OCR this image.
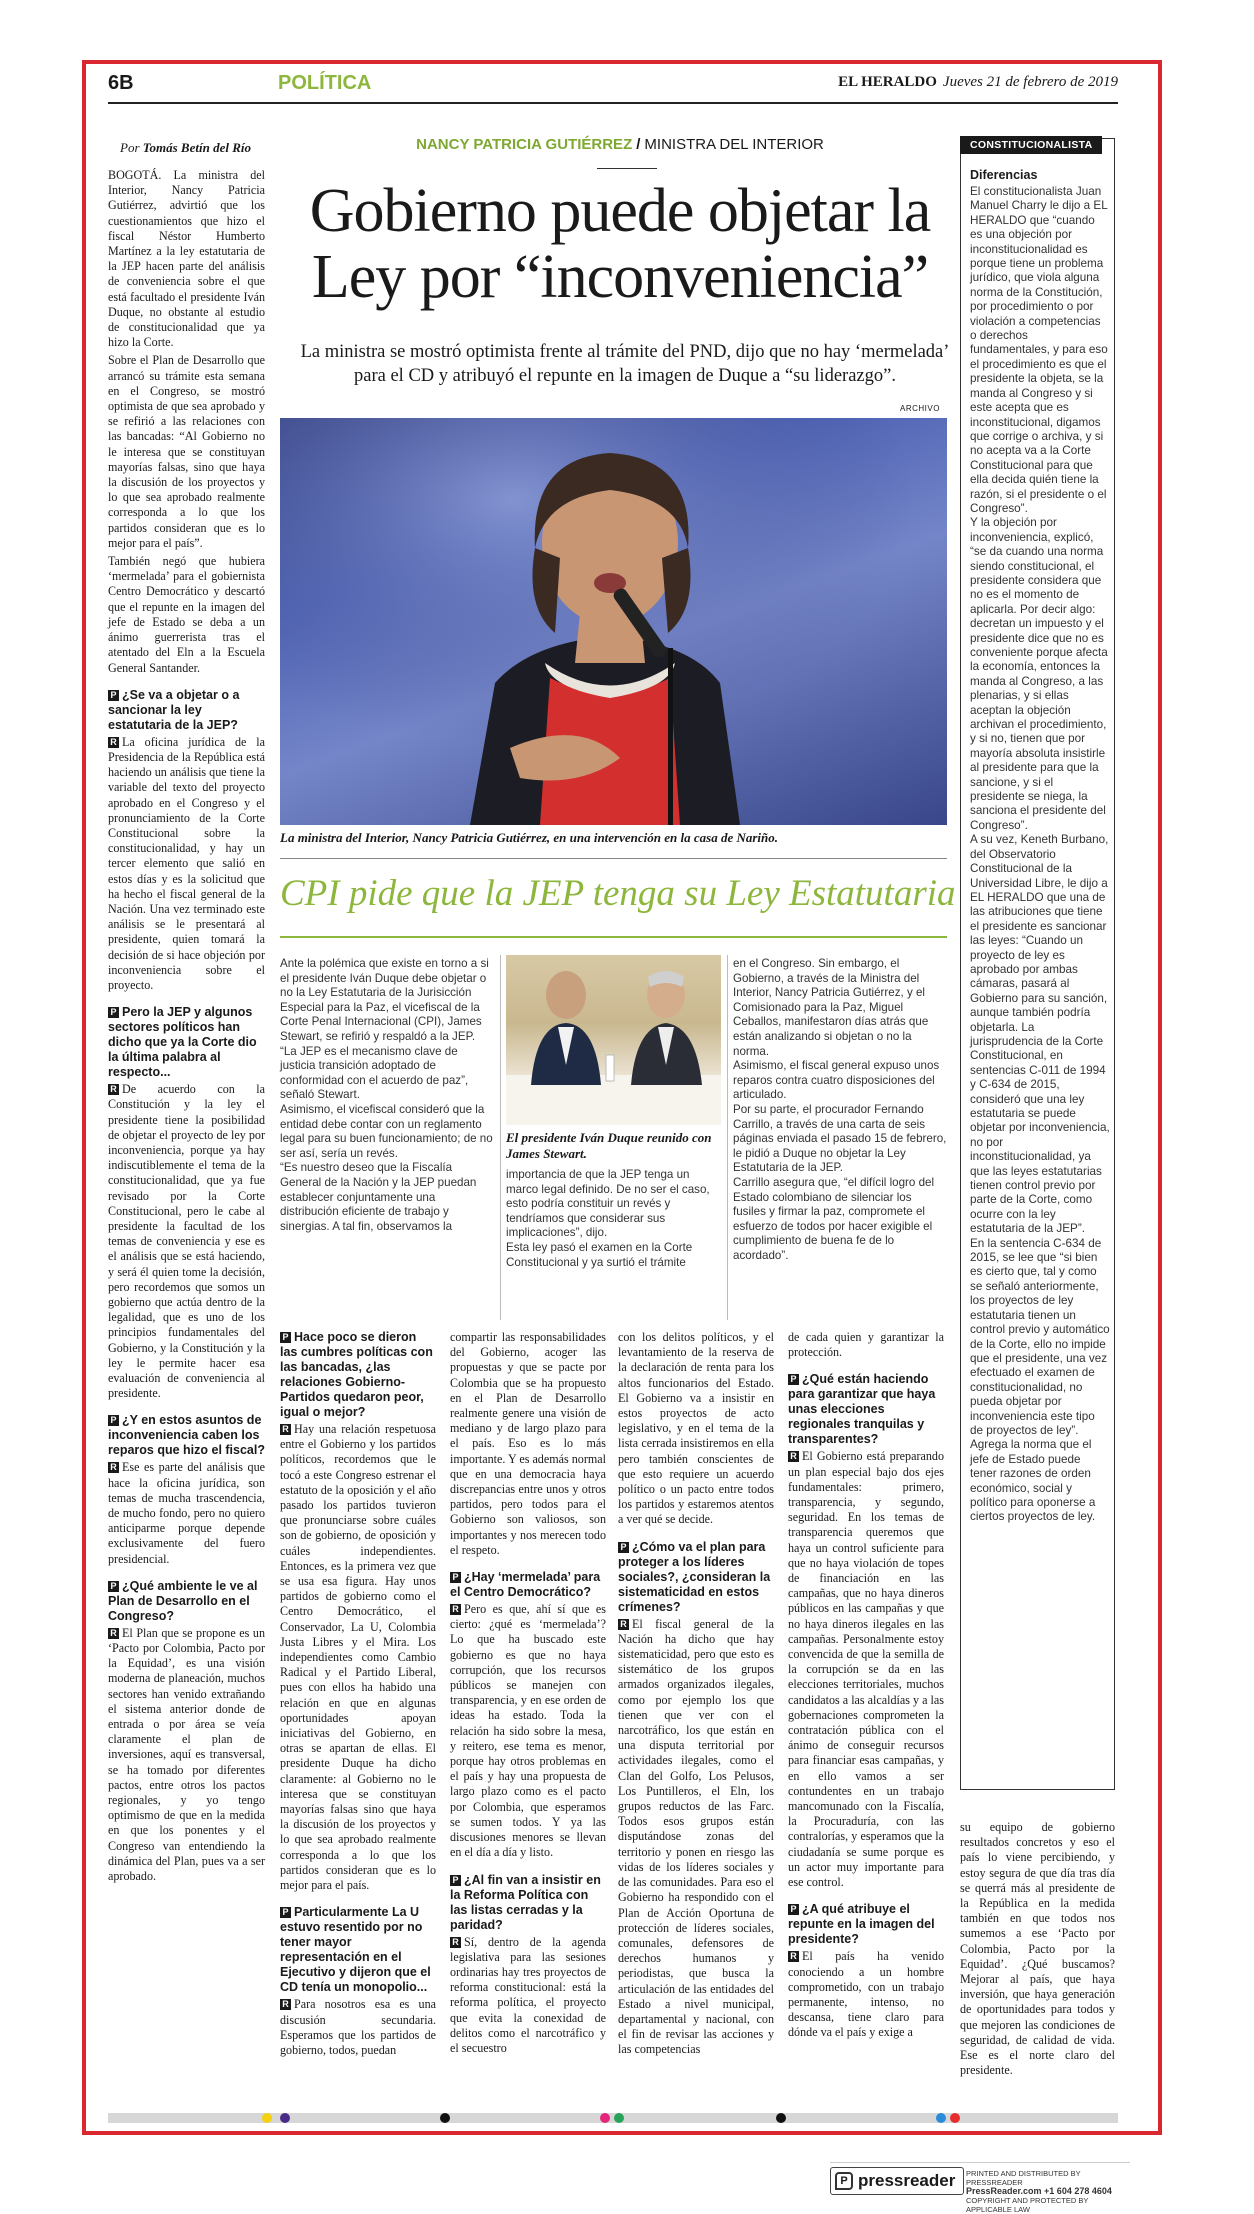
6B	POLÍTICA	EL HERALDO Jueves 21 de febrero de 2019
Por Tomás Betín del Río	NANCY PATRICIA GUTIÉRREZ / MINISTRA DEL INTERIOR
Gobierno puede objetar la Ley por “inconveniencia”
La ministra se mostró optimista frente al trámite del PND, dijo que no hay ‘mermelada’ para el CD y atribuyó el repunte en la imagen de Duque a “su liderazgo”.
ARCHIVO
La ministra del Interior, Nancy Patricia Gutiérrez, en una intervención en la casa de Nariño.
CPI pide que la JEP tenga su Ley Estatutaria
Ante la polémica que existe en torno a si el presidente Iván Duque debe objetar o no la Ley Estatutaria de la Jurisicción Especial para la Paz, el vicefiscal de la Corte Penal Internacional (CPI), James Stewart, se refirió y respaldó a la JEP.
“La JEP es el mecanismo clave de justicia transición adoptado de conformidad con el acuerdo de paz”, señaló Stewart.
Asimismo, el vicefiscal consideró que la entidad debe contar con un reglamento legal para su buen funcionamiento; de no ser así, sería un revés.
“Es nuestro deseo que la Fiscalía General de la Nación y la JEP puedan establecer conjuntamente una distribución eficiente de trabajo y sinergias. A tal fin, observamos la
El presidente Iván Duque reunido con James Stewart.
importancia de que la JEP tenga un marco legal definido. De no ser el caso, esto podría constituir un revés y tendríamos que considerar sus implicaciones”, dijo.
Esta ley pasó el examen en la Corte Constitucional y ya surtió el trámite
en el Congreso. Sin embargo, el Gobierno, a través de la Ministra del Interior, Nancy Patricia Gutiérrez, y el Comisionado para la Paz, Miguel Ceballos, manifestaron días atrás que están analizando si objetan o no la norma.
Asimismo, el fiscal general expuso unos reparos contra cuatro disposiciones del articulado.
Por su parte, el procurador Fernando Carrillo, a través de una carta de seis páginas enviada el pasado 15 de febrero, le pidió a Duque no objetar la Ley Estatutaria de la JEP.
Carrillo asegura que, “el difícil logro del Estado colombiano de silenciar los fusiles y firmar la paz, compromete el esfuerzo de todos por hacer exigible el cumplimiento de buena fe de lo acordado”.

BOGOTÁ. La ministra del Interior, Nancy Patricia Gutiérrez, advirtió que los cuestionamientos que hizo el fiscal Néstor Humberto Martínez a la ley estatutaria de la JEP hacen parte del análisis de conveniencia sobre el que está facultado el presidente Iván Duque, no obstante al estudio de constitucionalidad que ya hizo la Corte.

Sobre el Plan de Desarrollo que arrancó su trámite esta semana en el Congreso, se mostró optimista de que sea aprobado y se refirió a las relaciones con las bancadas: “Al Gobierno no le interesa que se constituyan mayorías falsas, sino que haya la discusión de los proyectos y lo que sea aprobado realmente corresponda a lo que los partidos consideran que es lo mejor para el país”.

También negó que hubiera ‘mermelada’ para el gobiernista Centro Democrático y descartó que el repunte en la imagen del jefe de Estado se deba a un ánimo guerrerista tras el atentado del Eln a la Escuela General Santander.

P ¿Se va a objetar o a sancionar la ley estatutaria de la JEP?

R La oficina jurídica de la Presidencia de la República está haciendo un análisis que tiene la variable del texto del proyecto aprobado en el Congreso y el pronunciamiento de la Corte Constitucional sobre la constitucionalidad, y hay un tercer elemento que salió en estos días y es la solicitud que ha hecho el fiscal general de la Nación. Una vez terminado este análisis se le presentará al presidente, quien tomará la decisión de si hace objeción por inconveniencia sobre el proyecto.

P Pero la JEP y algunos sectores políticos han dicho que ya la Corte dio la última palabra al respecto...

R De acuerdo con la Constitución y la ley el presidente tiene la posibilidad de objetar el proyecto de ley por inconveniencia, porque ya hay indiscutiblemente el tema de la constitucionalidad, que ya fue revisado por la Corte Constitucional, pero le cabe al presidente la facultad de los temas de conveniencia y ese es el análisis que se está haciendo, y será él quien tome la decisión, pero recordemos que somos un gobierno que actúa dentro de la legalidad, que es uno de los principios fundamentales del Gobierno, y la Constitución y la ley le permite hacer esa evaluación de conveniencia al presidente.

P ¿Y en estos asuntos de inconveniencia caben los reparos que hizo el fiscal?

R Ese es parte del análisis que hace la oficina jurídica, son temas de mucha trascendencia, de mucho fondo, pero no quiero anticiparme porque depende exclusivamente del fuero presidencial.

P ¿Qué ambiente le ve al Plan de Desarrollo en el Congreso?

R El Plan que se propone es un ‘Pacto por Colombia, Pacto por la Equidad’, es una visión moderna de planeación, muchos sectores han venido extrañando el sistema anterior donde de entrada o por área se veía claramente el plan de inversiones, aquí es transversal, se ha tomado por diferentes pactos, entre otros los pactos regionales, y yo tengo optimismo de que en la medida en que los ponentes y el Congreso van entendiendo la dinámica del Plan, pues va a ser aprobado.

P Hace poco se dieron las cumbres políticas con las bancadas, ¿las relaciones Gobierno-Partidos quedaron peor, igual o mejor?

R Hay una relación respetuosa entre el Gobierno y los partidos políticos, recordemos que le tocó a este Congreso estrenar el estatuto de la oposición y el año pasado los partidos tuvieron que pronunciarse sobre cuáles son de gobierno, de oposición y cuáles independientes. Entonces, es la primera vez que se usa esa figura. Hay unos partidos de gobierno como el Centro Democrático, el Conservador, La U, Colombia Justa Libres y el Mira. Los independientes como Cambio Radical y el Partido Liberal, pues con ellos ha habido una relación en que en algunas oportunidades apoyan iniciativas del Gobierno, en otras se apartan de ellas. El presidente Duque ha dicho claramente: al Gobierno no le interesa que se constituyan mayorías falsas sino que haya la discusión de los proyectos y lo que sea aprobado realmente corresponda a lo que los partidos consideran que es lo mejor para el país.

P Particularmente La U estuvo resentido por no tener mayor representación en el Ejecutivo y dijeron que el CD tenía un monopolio...

R Para nosotros esa es una discusión secundaria. Esperamos que los partidos de gobierno, todos, puedan

compartir las responsabilidades del Gobierno, acoger las propuestas y que se pacte por Colombia que se ha propuesto en el Plan de Desarrollo realmente genere una visión de mediano y de largo plazo para el país. Eso es lo más importante. Y es además normal que en una democracia haya discrepancias entre unos y otros partidos, pero todos para el Gobierno son valiosos, son importantes y nos merecen todo el respeto.

P ¿Hay ‘mermelada’ para el Centro Democrático?

R Pero es que, ahí sí que es cierto: ¿qué es ‘mermelada’? Lo que ha buscado este gobierno es que no haya corrupción, que los recursos públicos se manejen con transparencia, y en ese orden de ideas ha estado. Toda la relación ha sido sobre la mesa, y reitero, ese tema es menor, porque hay otros problemas en el país y hay una propuesta de largo plazo como es el pacto por Colombia, que esperamos se sumen todos. Y ya las discusiones menores se llevan en el día a día y listo.

P ¿Al fin van a insistir en la Reforma Política con las listas cerradas y la paridad?

R Sí, dentro de la agenda legislativa para las sesiones ordinarias hay tres proyectos de reforma constitucional: está la reforma política, el proyecto que evita la conexidad de delitos como el narcotráfico y el secuestro

con los delitos políticos, y el levantamiento de la reserva de la declaración de renta para los altos funcionarios del Estado. El Gobierno va a insistir en estos proyectos de acto legislativo, y en el tema de la lista cerrada insistiremos en ella pero también conscientes de que esto requiere un acuerdo político o un pacto entre todos los partidos y estaremos atentos a ver qué se decide.

P ¿Cómo va el plan para proteger a los líderes sociales?, ¿consideran la sistematicidad en estos crímenes?

R El fiscal general de la Nación ha dicho que hay sistematicidad, pero que esto es sistemático de los grupos armados organizados ilegales, como por ejemplo los que tienen que ver con el narcotráfico, los que están en una disputa territorial por actividades ilegales, como el Clan del Golfo, Los Pelusos, Los Puntilleros, el Eln, los grupos reductos de las Farc. Todos esos grupos están disputándose zonas del territorio y ponen en riesgo las vidas de los líderes sociales y de las comunidades. Para eso el Gobierno ha respondido con el Plan de Acción Oportuna de protección de líderes sociales, comunales, defensores de derechos humanos y periodistas, que busca la articulación de las entidades del Estado a nivel municipal, departamental y nacional, con el fin de revisar las acciones y las competencias

de cada quien y garantizar la protección.

P ¿Qué están haciendo para garantizar que haya unas elecciones regionales tranquilas y transparentes?

R El Gobierno está preparando un plan especial bajo dos ejes fundamentales: primero, transparencia, y segundo, seguridad. En los temas de transparencia queremos que haya un control suficiente para que no haya violación de topes de financiación en las campañas, que no haya dineros públicos en las campañas y que no haya dineros ilegales en las campañas. Personalmente estoy convencida de que la semilla de la corrupción se da en las elecciones territoriales, muchos candidatos a las alcaldías y a las gobernaciones comprometen la contratación pública con el ánimo de conseguir recursos para financiar esas campañas, y en ello vamos a ser contundentes en un trabajo mancomunado con la Fiscalía, la Procuraduría, con las contralorías, y esperamos que la ciudadanía se sume porque es un actor muy importante para ese control.

P ¿A qué atribuye el repunte en la imagen del presidente?

R El país ha venido conociendo a un hombre comprometido, con un trabajo permanente, intenso, no descansa, tiene claro para dónde va el país y exige a

su equipo de gobierno resultados concretos y eso el país lo viene percibiendo, y estoy segura de que día tras día se querrá más al presidente de la República en la medida también en que todos nos sumemos a ese ‘Pacto por Colombia, Pacto por la Equidad’. ¿Qué buscamos? Mejorar al país, que haya inversión, que haya generación de oportunidades para todos y que mejoren las condiciones de seguridad, de calidad de vida. Ese es el norte claro del presidente.

CONSTITUCIONALISTA
Diferencias
El constitucionalista Juan Manuel Charry le dijo a EL HERALDO que “cuando es una objeción por inconstitucionalidad es porque tiene un problema jurídico, que viola alguna norma de la Constitución, por procedimiento o por violación a competencias o derechos fundamentales, y para eso el procedimiento es que el presidente la objeta, se la manda al Congreso y si este acepta que es inconstitucional, digamos que corrige o archiva, y si no acepta va a la Corte Constitucional para que ella decida quién tiene la razón, si el presidente o el Congreso”.
Y la objeción por inconveniencia, explicó, “se da cuando una norma siendo constitucional, el presidente considera que no es el momento de aplicarla. Por decir algo: decretan un impuesto y el presidente dice que no es conveniente porque afecta la economía, entonces la manda al Congreso, a las plenarias, y si ellas aceptan la objeción archivan el procedimiento, y si no, tienen que por mayoría absoluta insistirle al presidente para que la sancione, y si el presidente se niega, la sanciona el presidente del Congreso”.
A su vez, Keneth Burbano, del Observatorio Constitucional de la Universidad Libre, le dijo a EL HERALDO que una de las atribuciones que tiene el presidente es sancionar las leyes: “Cuando un proyecto de ley es aprobado por ambas cámaras, pasará al Gobierno para su sanción, aunque también podría objetarla. La jurisprudencia de la Corte Constitucional, en sentencias C-011 de 1994 y C-634 de 2015, consideró que una ley estatutaria se puede objetar por inconveniencia, no por inconstitucionalidad, ya que las leyes estatutarias tienen control previo por parte de la Corte, como ocurre con la ley estatutaria de la JEP”.
En la sentencia C-634 de 2015, se lee que “si bien es cierto que, tal y como se señaló anteriormente, los proyectos de ley estatutaria tienen un control previo y automático de la Corte, ello no impide que el presidente, una vez efectuado el examen de constitucionalidad, no pueda objetar por inconveniencia este tipo de proyectos de ley”.
Agrega la norma que el jefe de Estado puede tener razones de orden económico, social y político para oponerse a ciertos proyectos de ley.
P pressreader PRINTED AND DISTRIBUTED BY PRESSREADER
PressReader.com +1 604 278 4604
COPYRIGHT AND PROTECTED BY APPLICABLE LAW
